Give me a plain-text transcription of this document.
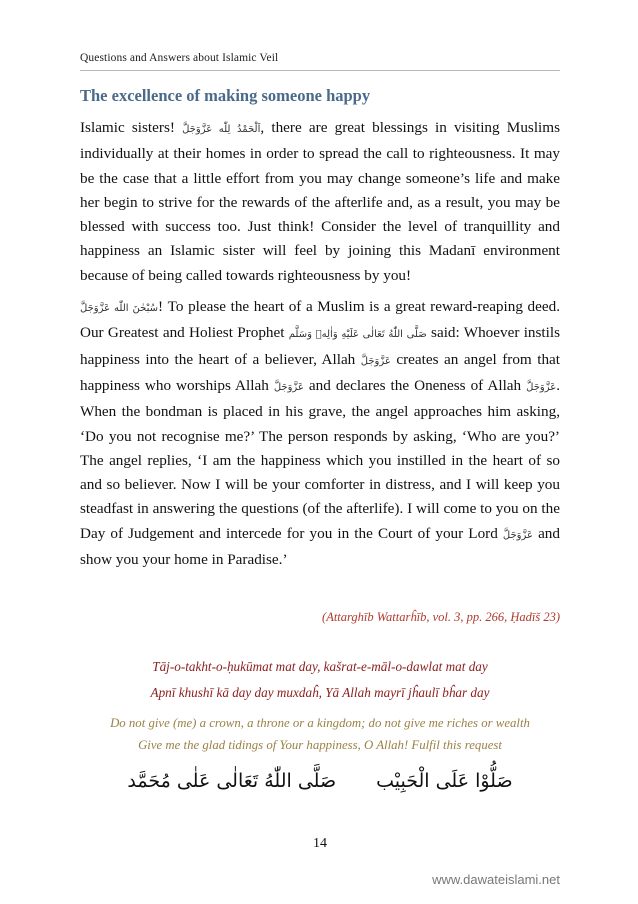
Questions and Answers about Islamic Veil
The excellence of making someone happy

Islamic sisters! اَلْحَمْدُ لِلّٰه عَزَّوَجَلَّ, there are great blessings in visiting Muslims individually at their homes in order to spread the call to righteousness. It may be the case that a little effort from you may change someone’s life and make her begin to strive for the rewards of the afterlife and, as a result, you may be blessed with success too. Just think! Consider the level of tranquillity and happiness an Islamic sister will feel by joining this Madanī environment because of being called towards righteousness by you!

سُبْحٰنَ اللّٰه عَزَّوَجَلَّ! To please the heart of a Muslim is a great reward-reaping deed. Our Greatest and Holiest Prophet صَلَّى اللّٰهُ تَعَالٰى عَلَيْهِ وَاٰلِهٖ وَسَلَّم said: Whoever instils happiness into the heart of a believer, Allah عَزَّوَجَلَّ creates an angel from that happiness who worships Allah عَزَّوَجَلَّ and declares the Oneness of Allah عَزَّوَجَلَّ. When the bondman is placed in his grave, the angel approaches him asking, ‘Do you not recognise me?’ The person responds by asking, ‘Who are you?’ The angel replies, ‘I am the happiness which you instilled in the heart of so and so believer. Now I will be your comforter in distress, and I will keep you steadfast in answering the questions (of the afterlife). I will come to you on the Day of Judgement and intercede for you in the Court of your Lord عَزَّوَجَلَّ and show you your home in Paradise.’

(Attarghīb Wattarĥīb, vol. 3, pp. 266, Ḥadīš 23)
Tāj-o-takht-o-ḥukūmat mat day, kašrat-e-māl-o-dawlat mat day
Apnī khushī kā day day muxdaĥ, Yā Allah mayrī jĥaulī bĥar day
Do not give (me) a crown, a throne or a kingdom; do not give me riches or wealth
Give me the glad tidings of Your happiness, O Allah! Fulfil this request
صَلُّوْا عَلَى الْحَبِيْب
صَلَّى اللّٰهُ تَعَالٰى عَلٰى مُحَمَّد
14
www.dawateislami.net
